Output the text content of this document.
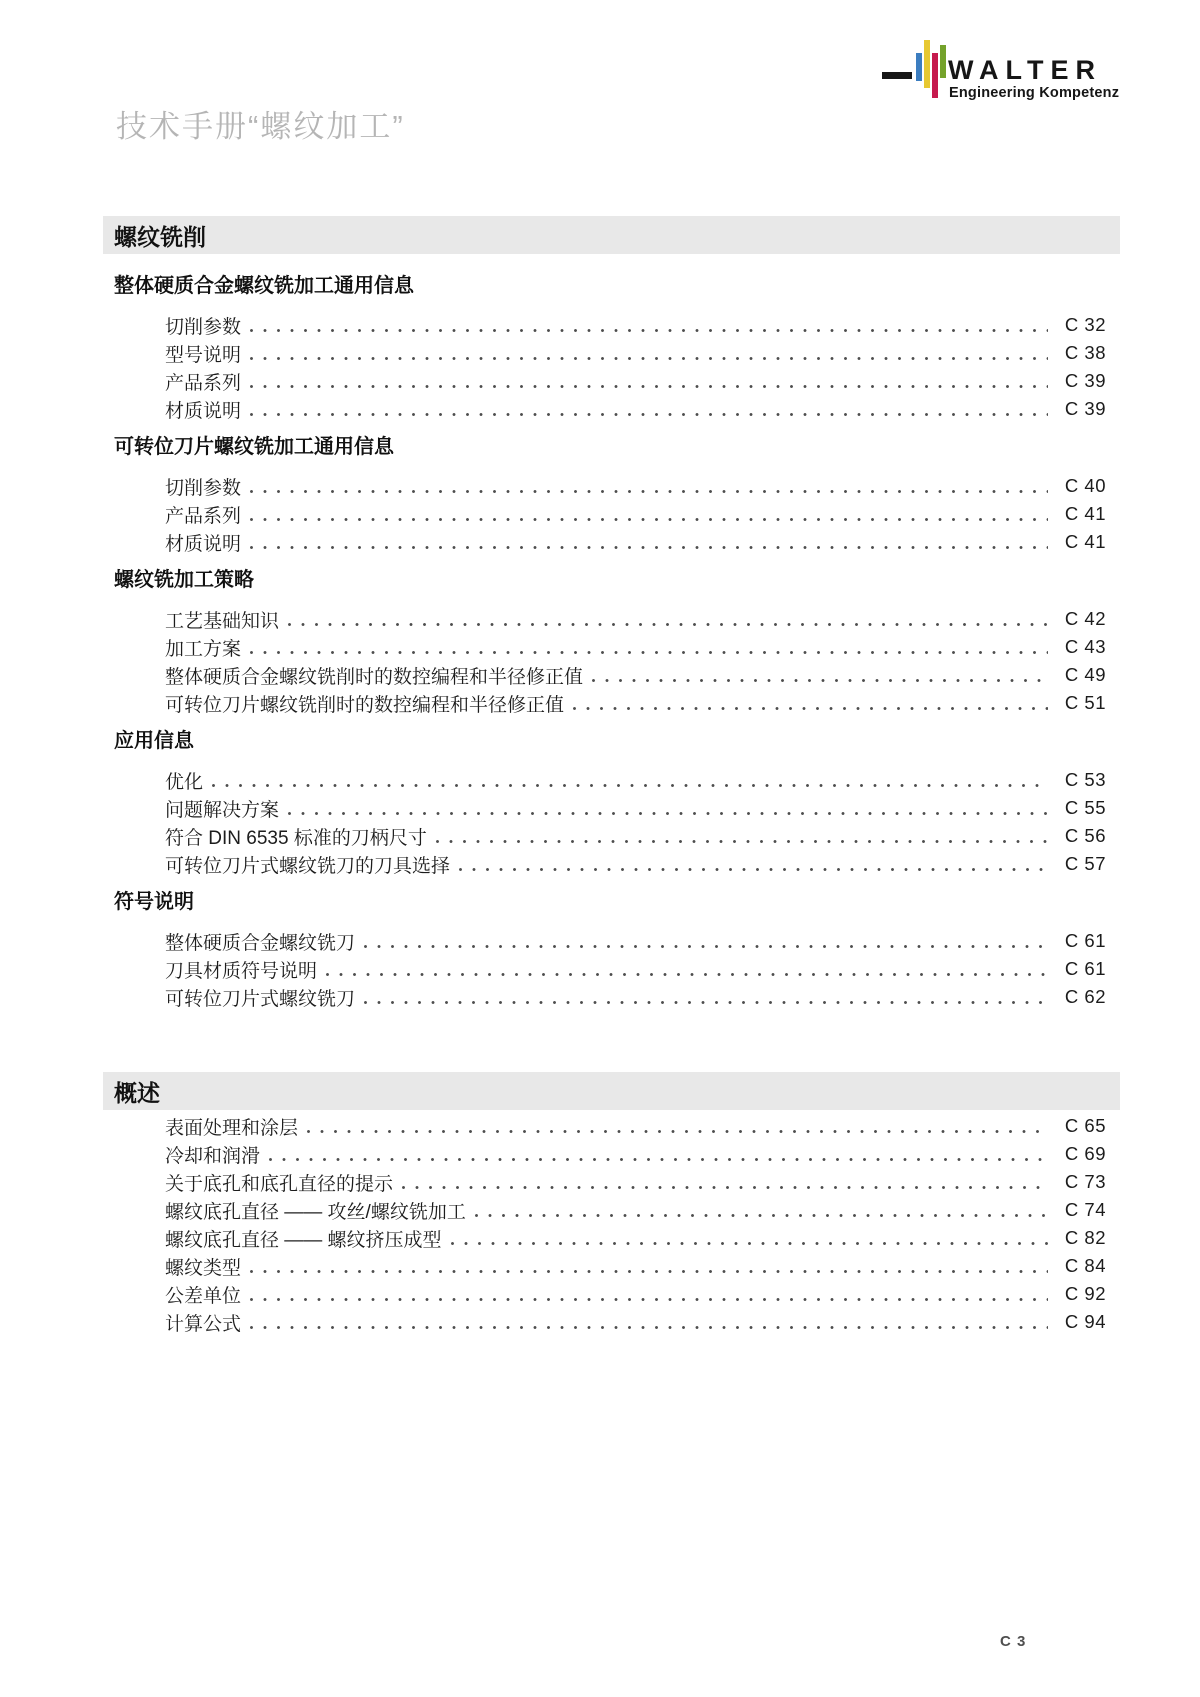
技术手册“螺纹加工”
WALTER
Engineering Kompetenz
螺纹铣削
整体硬质合金螺纹铣加工通用信息
切削参数	C 32
型号说明	C 38
产品系列	C 39
材质说明	C 39
可转位刀片螺纹铣加工通用信息
切削参数	C 40
产品系列	C 41
材质说明	C 41
螺纹铣加工策略
工艺基础知识	C 42
加工方案	C 43
整体硬质合金螺纹铣削时的数控编程和半径修正值	C 49
可转位刀片螺纹铣削时的数控编程和半径修正值	C 51
应用信息
优化	C 53
问题解决方案	C 55
符合 DIN 6535 标准的刀柄尺寸	C 56
可转位刀片式螺纹铣刀的刀具选择	C 57
符号说明
整体硬质合金螺纹铣刀	C 61
刀具材质符号说明	C 61
可转位刀片式螺纹铣刀	C 62
概述
表面处理和涂层	C 65
冷却和润滑	C 69
关于底孔和底孔直径的提示	C 73
螺纹底孔直径 —— 攻丝/螺纹铣加工	C 74
螺纹底孔直径 —— 螺纹挤压成型	C 82
螺纹类型	C 84
公差单位	C 92
计算公式	C 94
C 3
